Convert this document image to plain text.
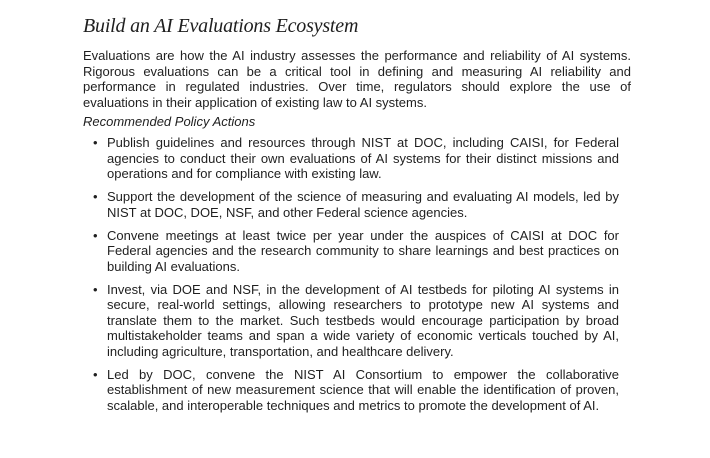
Build an AI Evaluations Ecosystem

Evaluations are how the AI industry assesses the performance and reliability of AI systems. Rigorous evaluations can be a critical tool in defining and measuring AI reliability and performance in regulated industries. Over time, regulators should explore the use of evaluations in their application of existing law to AI systems.

Recommended Policy Actions
• Publish guidelines and resources through NIST at DOC, including CAISI, for Federal agencies to conduct their own evaluations of AI systems for their distinct missions and operations and for compliance with existing law.
• Support the development of the science of measuring and evaluating AI models, led by NIST at DOC, DOE, NSF, and other Federal science agencies.
• Convene meetings at least twice per year under the auspices of CAISI at DOC for Federal agencies and the research community to share learnings and best practices on building AI evaluations.
• Invest, via DOE and NSF, in the development of AI testbeds for piloting AI systems in secure, real-world settings, allowing researchers to prototype new AI systems and translate them to the market. Such testbeds would encourage participation by broad multistakeholder teams and span a wide variety of economic verticals touched by AI, including agriculture, transportation, and healthcare delivery.
• Led by DOC, convene the NIST AI Consortium to empower the collaborative establishment of new measurement science that will enable the identification of proven, scalable, and interoperable techniques and metrics to promote the development of AI.
